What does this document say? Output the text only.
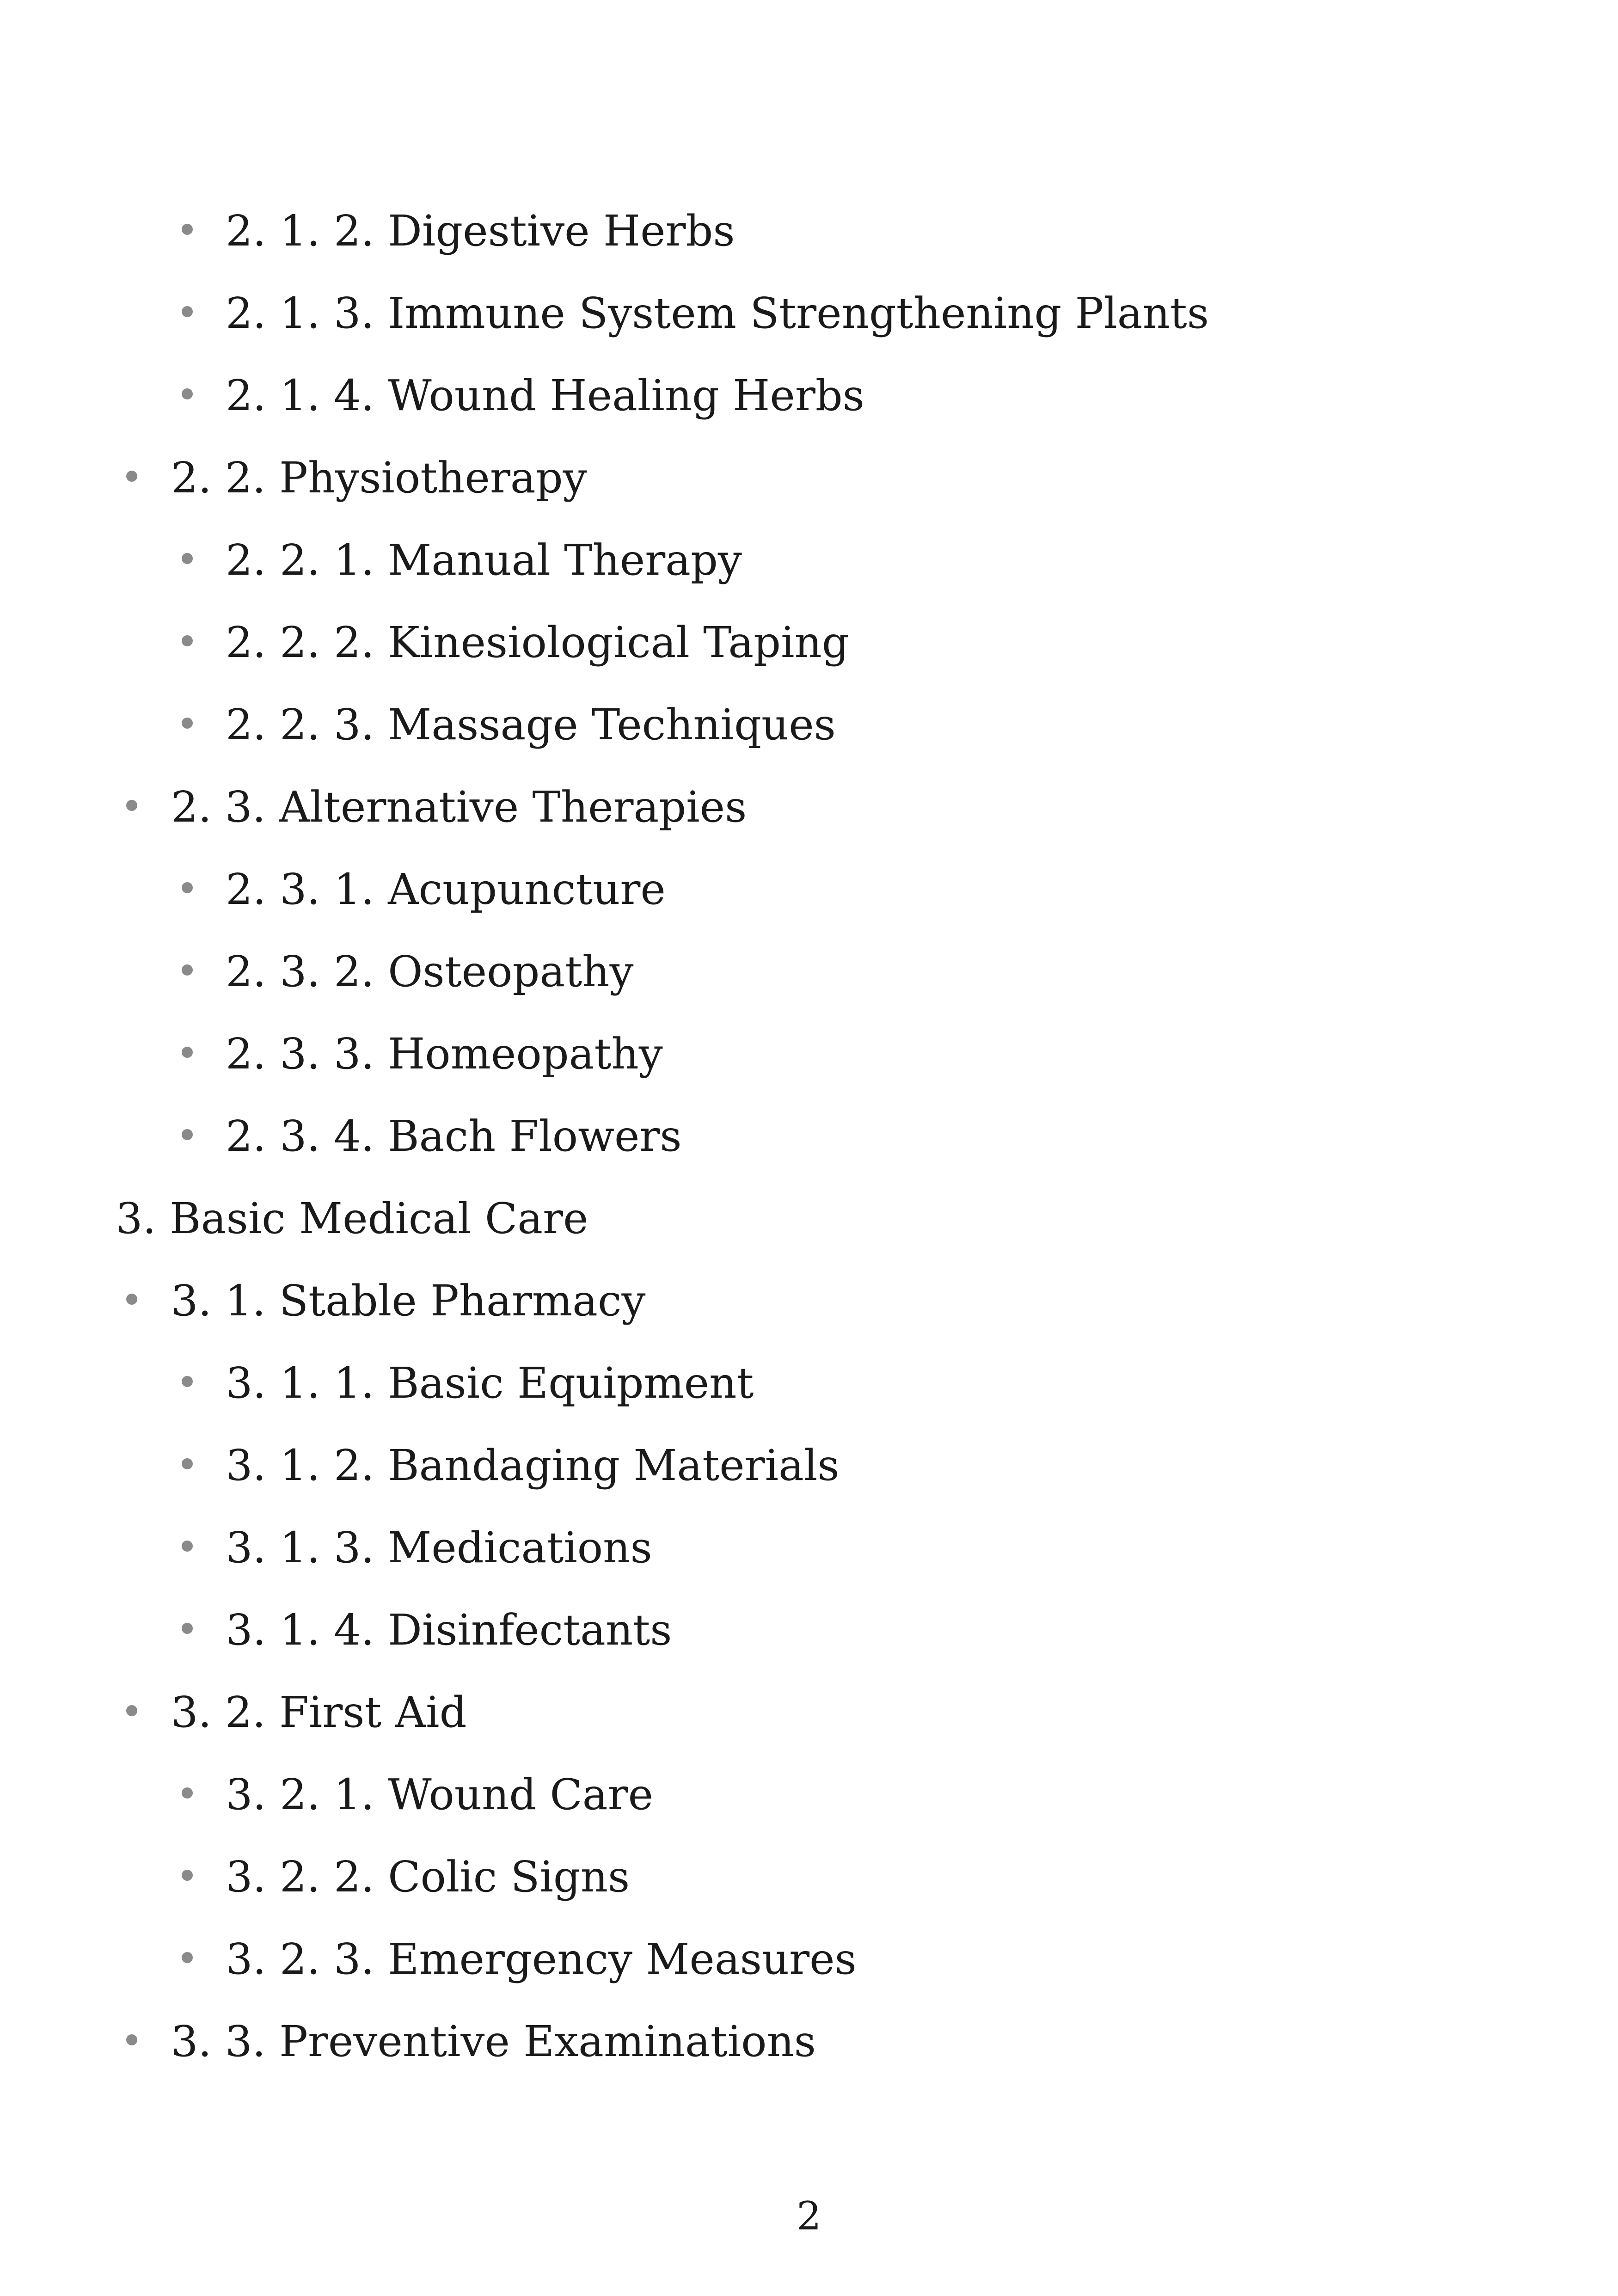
2. 1. 2. Digestive Herbs
2. 1. 3. Immune System Strengthening Plants
2. 1. 4. Wound Healing Herbs
2. 2. Physiotherapy
2. 2. 1. Manual Therapy
2. 2. 2. Kinesiological Taping
2. 2. 3. Massage Techniques
2. 3. Alternative Therapies
2. 3. 1. Acupuncture
2. 3. 2. Osteopathy
2. 3. 3. Homeopathy
2. 3. 4. Bach Flowers
3. Basic Medical Care
3. 1. Stable Pharmacy
3. 1. 1. Basic Equipment
3. 1. 2. Bandaging Materials
3. 1. 3. Medications
3. 1. 4. Disinfectants
3. 2. First Aid
3. 2. 1. Wound Care
3. 2. 2. Colic Signs
3. 2. 3. Emergency Measures
3. 3. Preventive Examinations
2
